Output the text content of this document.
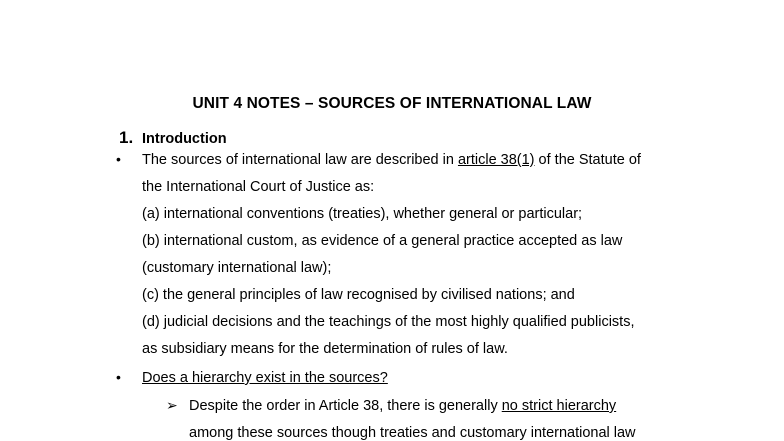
UNIT 4 NOTES – SOURCES OF INTERNATIONAL LAW
1. Introduction
• The sources of international law are described in article 38(1) of the Statute of
the International Court of Justice as:
(a) international conventions (treaties), whether general or particular;
(b) international custom, as evidence of a general practice accepted as law
(customary international law);
(c) the general principles of law recognised by civilised nations; and
(d) judicial decisions and the teachings of the most highly qualified publicists,
as subsidiary means for the determination of rules of law.
• Does a hierarchy exist in the sources?
➢ Despite the order in Article 38, there is generally no strict hierarchy
among these sources though treaties and customary international law
